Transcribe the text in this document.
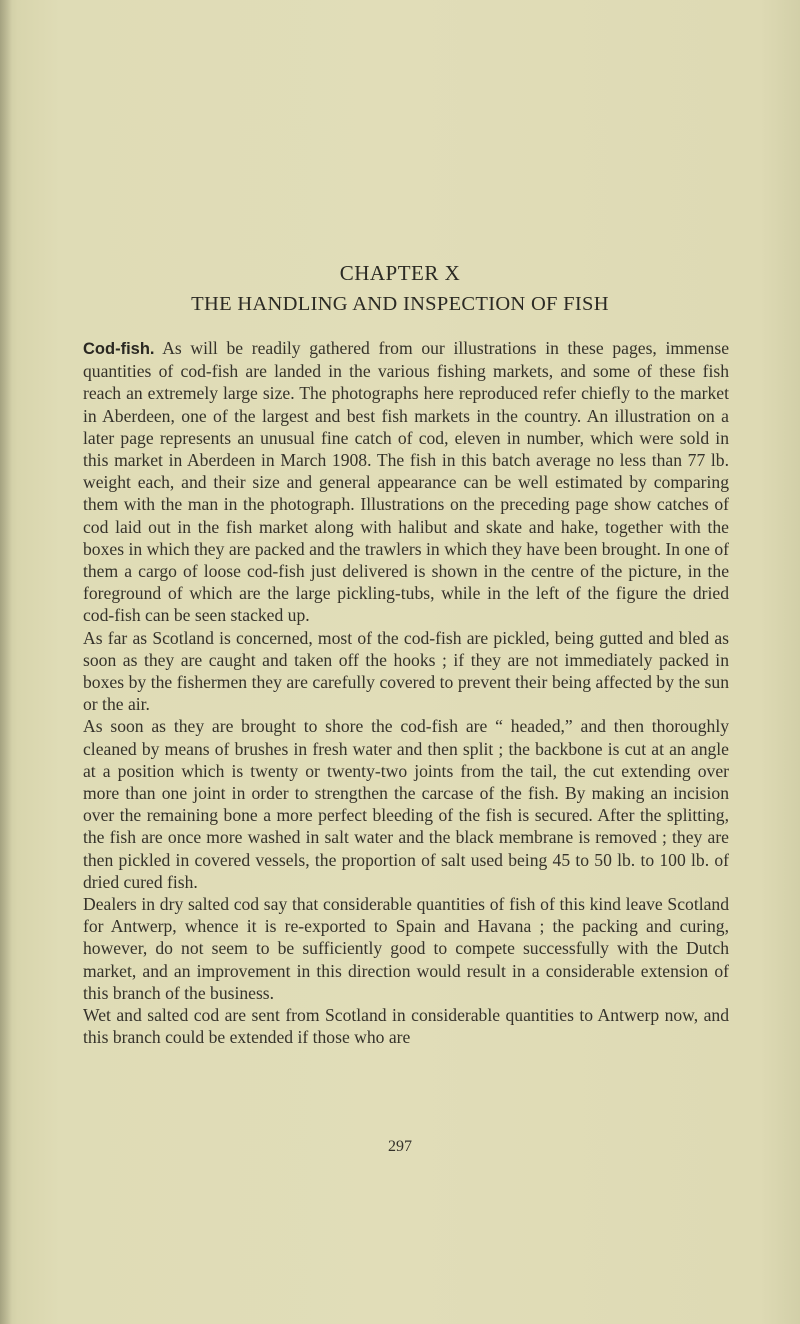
CHAPTER X
THE HANDLING AND INSPECTION OF FISH

Cod-fish. As will be readily gathered from our illustrations in these pages, immense quantities of cod-fish are landed in the various fishing markets, and some of these fish reach an extremely large size. The photographs here reproduced refer chiefly to the market in Aberdeen, one of the largest and best fish markets in the country. An illustration on a later page represents an unusual fine catch of cod, eleven in number, which were sold in this market in Aberdeen in March 1908. The fish in this batch average no less than 77 lb. weight each, and their size and general appearance can be well estimated by comparing them with the man in the photograph. Illustrations on the preceding page show catches of cod laid out in the fish market along with halibut and skate and hake, together with the boxes in which they are packed and the trawlers in which they have been brought. In one of them a cargo of loose cod-fish just delivered is shown in the centre of the picture, in the foreground of which are the large pickling-tubs, while in the left of the figure the dried cod-fish can be seen stacked up.

As far as Scotland is concerned, most of the cod-fish are pickled, being gutted and bled as soon as they are caught and taken off the hooks ; if they are not immediately packed in boxes by the fishermen they are carefully covered to prevent their being affected by the sun or the air.

As soon as they are brought to shore the cod-fish are “ headed,” and then thoroughly cleaned by means of brushes in fresh water and then split ; the backbone is cut at an angle at a position which is twenty or twenty-two joints from the tail, the cut extending over more than one joint in order to strengthen the carcase of the fish. By making an incision over the remaining bone a more perfect bleeding of the fish is secured. After the splitting, the fish are once more washed in salt water and the black membrane is removed ; they are then pickled in covered vessels, the proportion of salt used being 45 to 50 lb. to 100 lb. of dried cured fish.

Dealers in dry salted cod say that considerable quantities of fish of this kind leave Scotland for Antwerp, whence it is re-exported to Spain and Havana ; the packing and curing, however, do not seem to be sufficiently good to compete successfully with the Dutch market, and an improvement in this direction would result in a considerable extension of this branch of the business.

Wet and salted cod are sent from Scotland in considerable quantities to Antwerp now, and this branch could be extended if those who are

297
